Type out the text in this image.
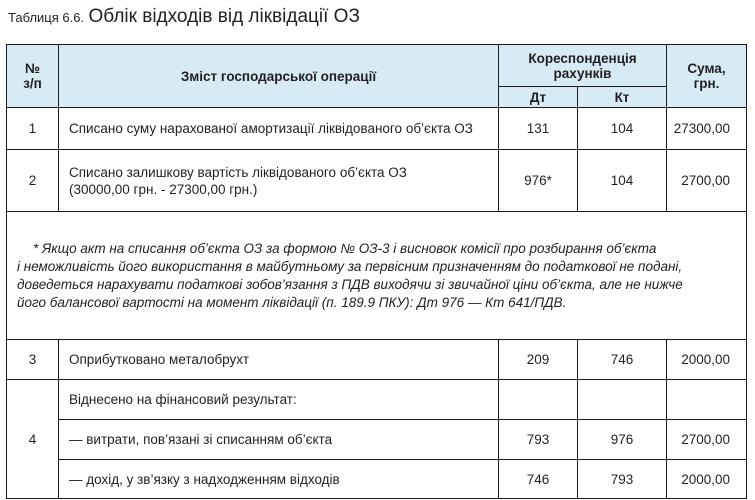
Таблиця 6.6. Облік відходів від ліквідації ОЗ
№ з/п	Зміст господарської операції	Кореспонденція рахунків		Сума, грн.

		Дт	Кт	
1	Списано суму нарахованої амортизації ліквідованого об’єкта ОЗ	131	104	27300,00
2	Списано залишкову вартість ліквідованого об’єкта ОЗ
(30000,00 грн. - 27300,00 грн.)	976*	104	2700,00

* Якщо акт на списання об’єкта ОЗ за формою № ОЗ-3 і висновок комісії про розбирання об’єкта
і неможливість його використання в майбутньому за первісним призначенням до податкової не подані,
доведеться нарахувати податкові зобов’язання з ПДВ виходячи зі звичайної ціни об’єкта, але не нижче
його балансової вартості на момент ліквідації (п. 189.9 ПКУ): Дт 976 — Кт 641/ПДВ.				

3	Оприбутковано металобрухт	209	746	2000,00
4	Віднесено на фінансовий результат:			
	— витрати, пов’язані зі списанням об’єкта	793	976	2700,00
	— дохід, у зв’язку з надходженням відходів	746	793	2000,00
